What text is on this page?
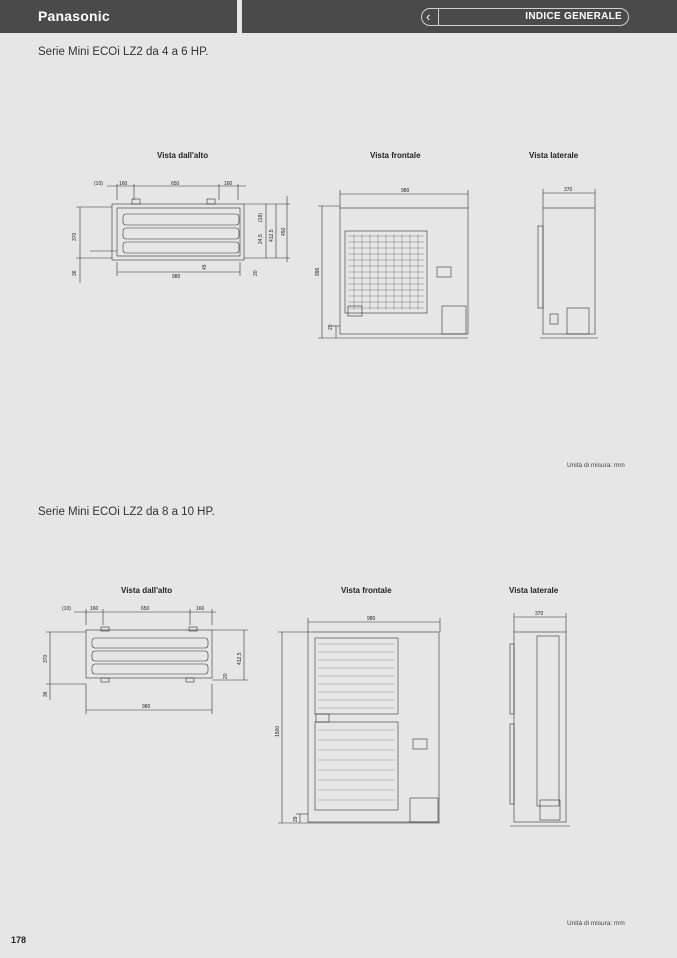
Panasonic	‹	INDICE GENERALE
Serie Mini ECOi LZ2 da 4 a 6 HP.
Vista dall'alto	Vista frontale	Vista laterale
(10)	160	650	160
370
36
980
45
20
(18)
24,5 412,5 450
980
996
29
370
Unità di misura: mm
Serie Mini ECOi LZ2 da 8 a 10 HP.
Vista dall'alto	Vista frontale	Vista laterale
(10)	160	650	160
370
36
980
412,5
20
980
1500
29
370
Unità di misura: mm
178
